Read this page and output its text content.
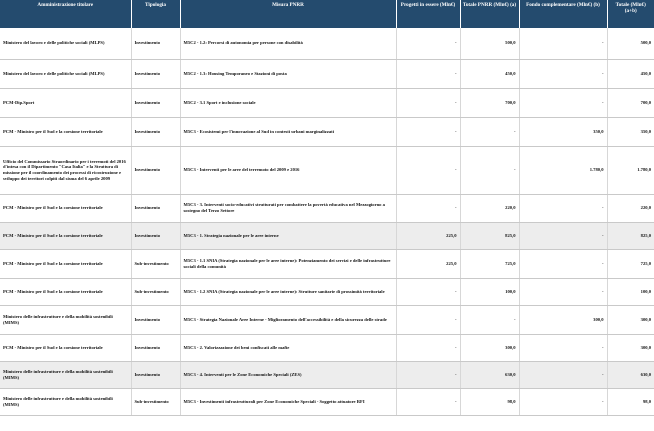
Amministrazione titolare	Tipologia	Misura PNRR	Progetti in essere (Mln€)	Totale PNRR (Mln€) (a)	Fondo complementare (Mln€) (b)	Totale (Mln€) (a+b)
Ministero del lavoro e delle politiche sociali (MLPS)	Investimento	M5C2 - 1.2: Percorsi di autonomia per persone con disabilità	-	500,0	-	500,0
Ministero del lavoro e delle politiche sociali (MLPS)	Investimento	M5C2 - 1.3: Housing Temporaneo e Stazioni di posta	-	450,0	-	450,0
PCM-Dip.Sport	Investimento	M5C2 - 3.1 Sport e inclusione sociale	-	700,0	-	700,0
PCM - Ministro per il Sud e la coesione territoriale	Investimento	M5C3 - Ecosistemi per l'innovazione al Sud in contesti urbani marginalizzati	-	-	350,0	350,0
Ufficio del Commissario Straordinario per i terremoti del 2016 d'intesa con il Dipartimento "Casa Italia" e la Struttura di missione per il coordinamento dei processi di ricostruzione e sviluppo dei territori colpiti dal sisma del 6 aprile 2009	Investimento	M5C3 - Interventi per le aree del terremoto del 2009 e 2016	-	-	1.780,0	1.780,0
PCM - Ministro per il Sud e la coesione territoriale	Investimento	M5C3 - 3. Interventi socio-educativi strutturati per combattere la povertà educativa nel Mezzogiorno a sostegno del Terzo Settore	-	220,0	-	220,0
PCM - Ministro per il Sud e la coesione territoriale	Investimento	M5C3 - 1. Strategia nazionale per le aree interne	225,0	825,0	-	825,0
PCM - Ministro per il Sud e la coesione territoriale	Sub-investimento	M5C3 - 1.1 SNIA (Strategia nazionale per le aree interne): Potenziamento dei servizi e delle infrastrutture sociali della comunità	225,0	725,0	-	725,0
PCM - Ministro per il Sud e la coesione territoriale	Sub-investimento	M5C3 - 1.2 SNIA (Strategia nazionale per le aree interne): Strutture sanitarie di prossimità territoriale	-	100,0	-	100,0
Ministero delle infrastrutture e della mobilità sostenibili (MIMS)	Investimento	M5C3 - Strategia Nazionale Aree Interne - Miglioramento dell'accessibilità e della sicurezza delle strade	-	-	300,0	300,0
PCM - Ministro per il Sud e la coesione territoriale	Investimento	M5C3 - 2. Valorizzazione dei beni confiscati alle mafie	-	300,0	-	300,0
Ministero delle infrastrutture e della mobilità sostenibili (MIMS)	Investimento	M5C3 - 4. Interventi per le Zone Economiche Speciali (ZES)	-	630,0	-	630,0
Ministero delle infrastrutture e della mobilità sostenibili (MIMS)	Sub-investimento	M5C3 - Investimenti infrastrutturali per Zone Economiche Speciali - Soggetto attuatore RFI	-	98,0	-	98,0
